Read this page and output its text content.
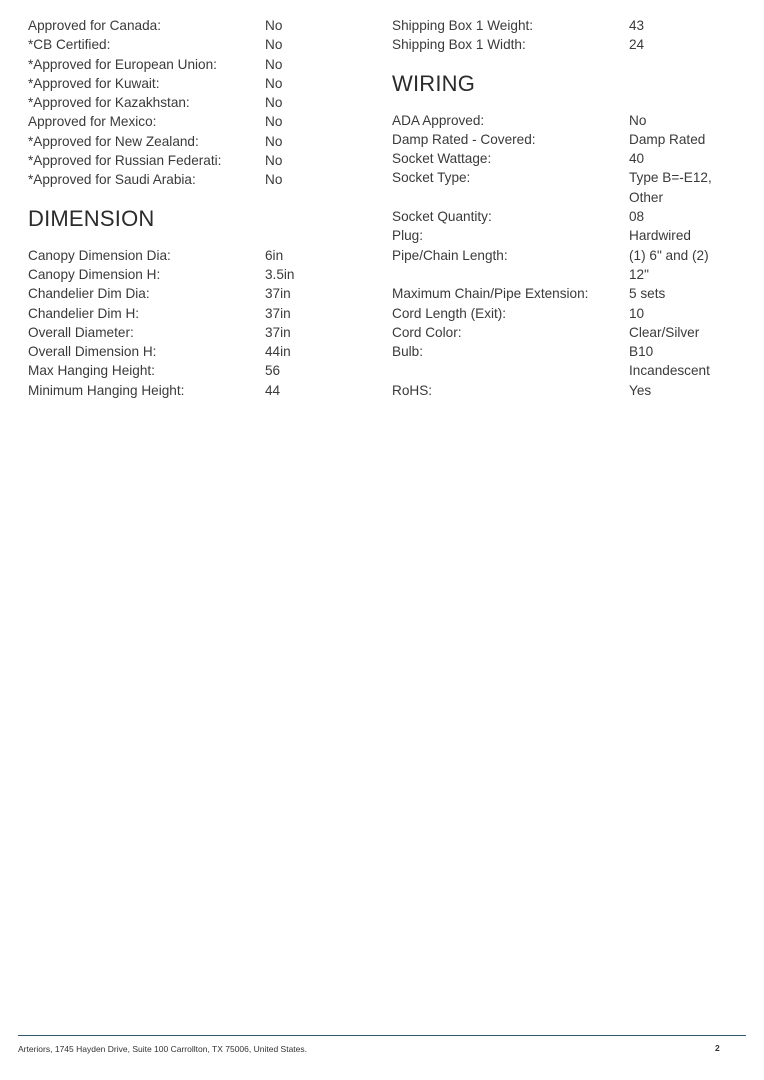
Approved for Canada:	No
*CB Certified:	No
*Approved for European Union:	No
*Approved for Kuwait:	No
*Approved for Kazakhstan:	No
Approved for Mexico:	No
*Approved for New Zealand:	No
*Approved for Russian Federati:	No
*Approved for Saudi Arabia:	No
DIMENSION
Canopy Dimension Dia:	6in
Canopy Dimension H:	3.5in
Chandelier Dim Dia:	37in
Chandelier Dim H:	37in
Overall Diameter:	37in
Overall Dimension H:	44in
Max Hanging Height:	56
Minimum Hanging Height:	44
Shipping Box 1 Weight:	43
Shipping Box 1 Width:	24
WIRING
ADA Approved:	No
Damp Rated - Covered:	Damp Rated
Socket Wattage:	40
Socket Type:	Type B=-E12, Other
Socket Quantity:	08
Plug:	Hardwired
Pipe/Chain Length:	(1) 6" and (2) 12"
Maximum Chain/Pipe Extension:	5 sets
Cord Length (Exit):	10
Cord Color:	Clear/Silver
Bulb:	B10 Incandescent
RoHS:	Yes
Arteriors, 1745 Hayden Drive, Suite 100 Carrollton, TX 75006, United States.	2
